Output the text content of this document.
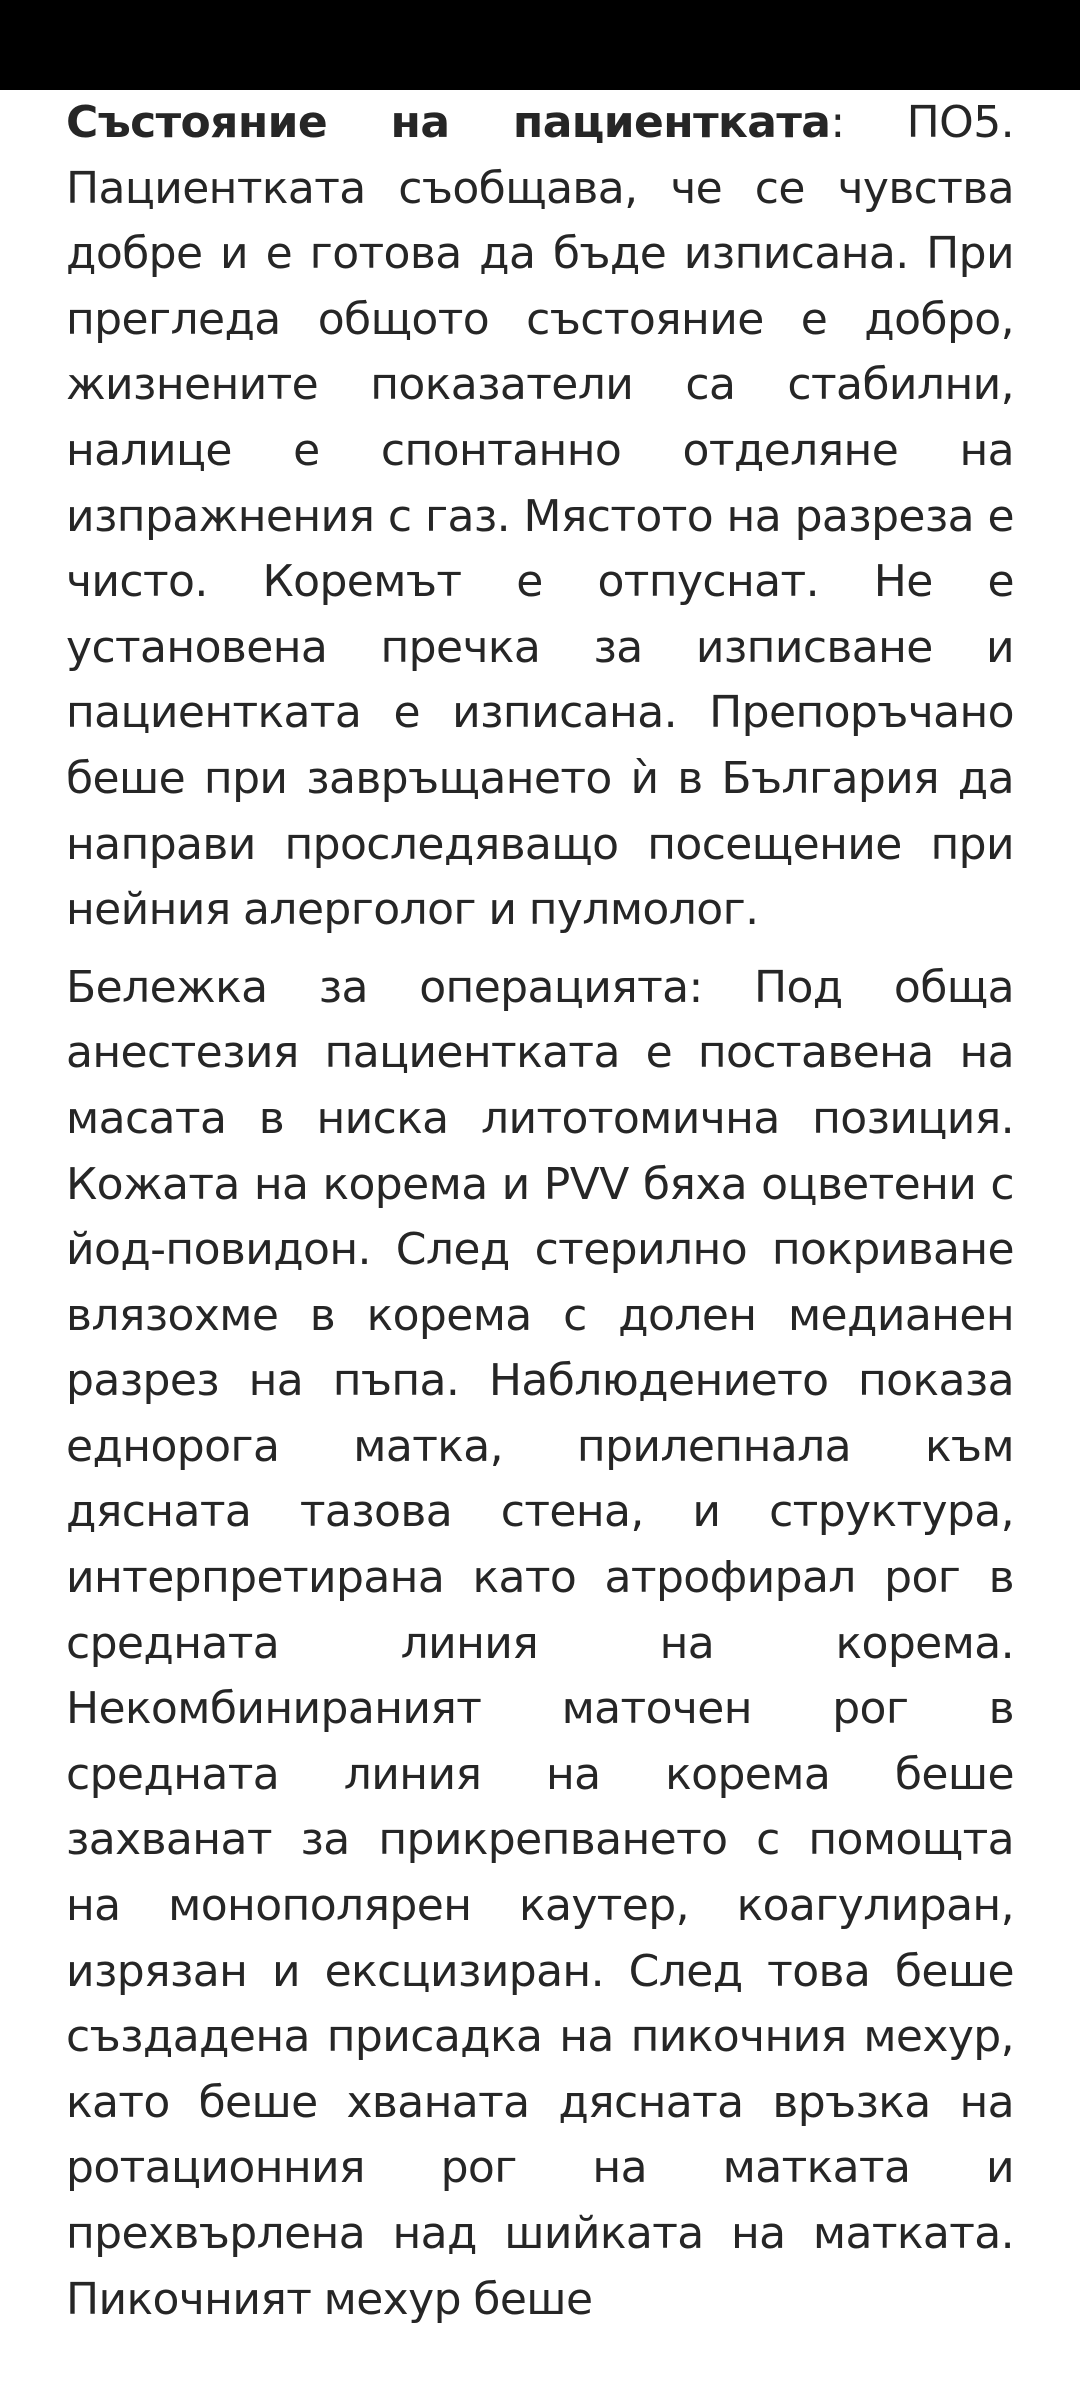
Състояние на пациентката: ПО5. Пациентката съобщава, че се чувства добре и е готова да бъде изписана. При прегледа общото състояние е добро, жизнените показатели са стабилни, налице е спонтанно отделяне на изпражнения с газ. Мястото на разреза е чисто. Коремът е отпуснат. Не е установена пречка за изписване и пациентката е изписана. Препоръчано беше при завръщането ѝ в България да направи проследяващо посещение при нейния алерголог и пулмолог.

Бележка за операцията: Под обща анестезия пациентката е поставена на масата в ниска литотомична позиция. Кожата на корема и PVV бяха оцветени с йод-повидон. След стерилно покриване влязохме в корема с долен медианен разрез на пъпа. Наблюдението показа еднорога матка, прилепнала към дясната тазова стена, и структура, интерпретирана като атрофирал рог в средната линия на корема. Некомбинираният маточен рог в средната линия на корема беше захванат за прикрепването с помощта на монополярен каутер, коагулиран, изрязан и ексцизиран. След това беше създадена присадка на пикочния мехур, като беше хваната дясната връзка на ротационния рог на матката и прехвърлена над шийката на матката. Пикочният мехур беше
